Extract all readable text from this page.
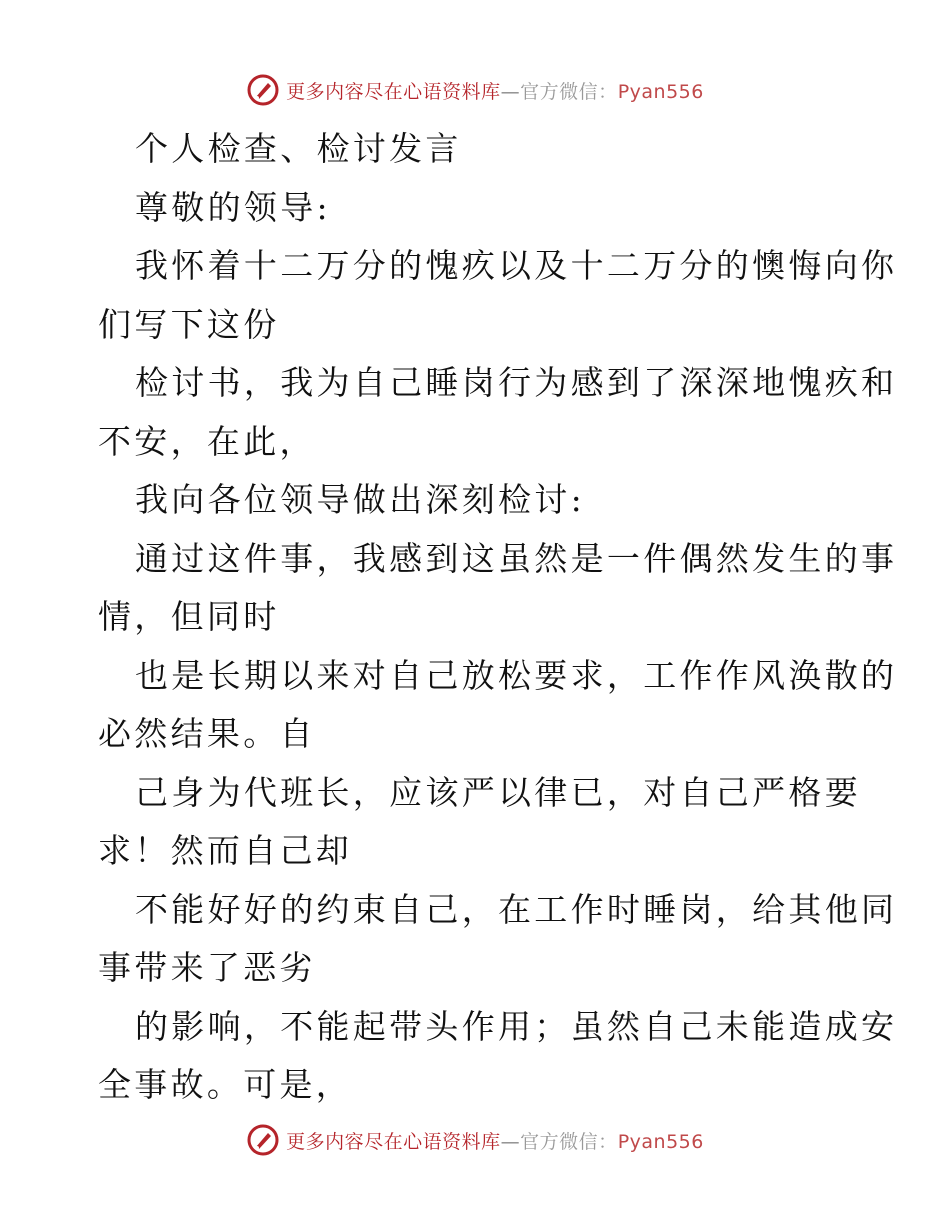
更多内容尽在心语资料库—官方微信：Pyan556
个人检查、检讨发言
尊敬的领导:
我怀着十二万分的愧疚以及十二万分的懊悔向你
们写下这份
检讨书，我为自己睡岗行为感到了深深地愧疚和
不安，在此，
我向各位领导做出深刻检讨:
通过这件事，我感到这虽然是一件偶然发生的事
情，但同时
也是长期以来对自己放松要求，工作作风涣散的
必然结果。自
己身为代班长，应该严以律已，对自己严格要
求！然而自己却
不能好好的约束自己，在工作时睡岗，给其他同
事带来了恶劣
的影响，不能起带头作用；虽然自己未能造成安
全事故。可是，
更多内容尽在心语资料库—官方微信：Pyan556
